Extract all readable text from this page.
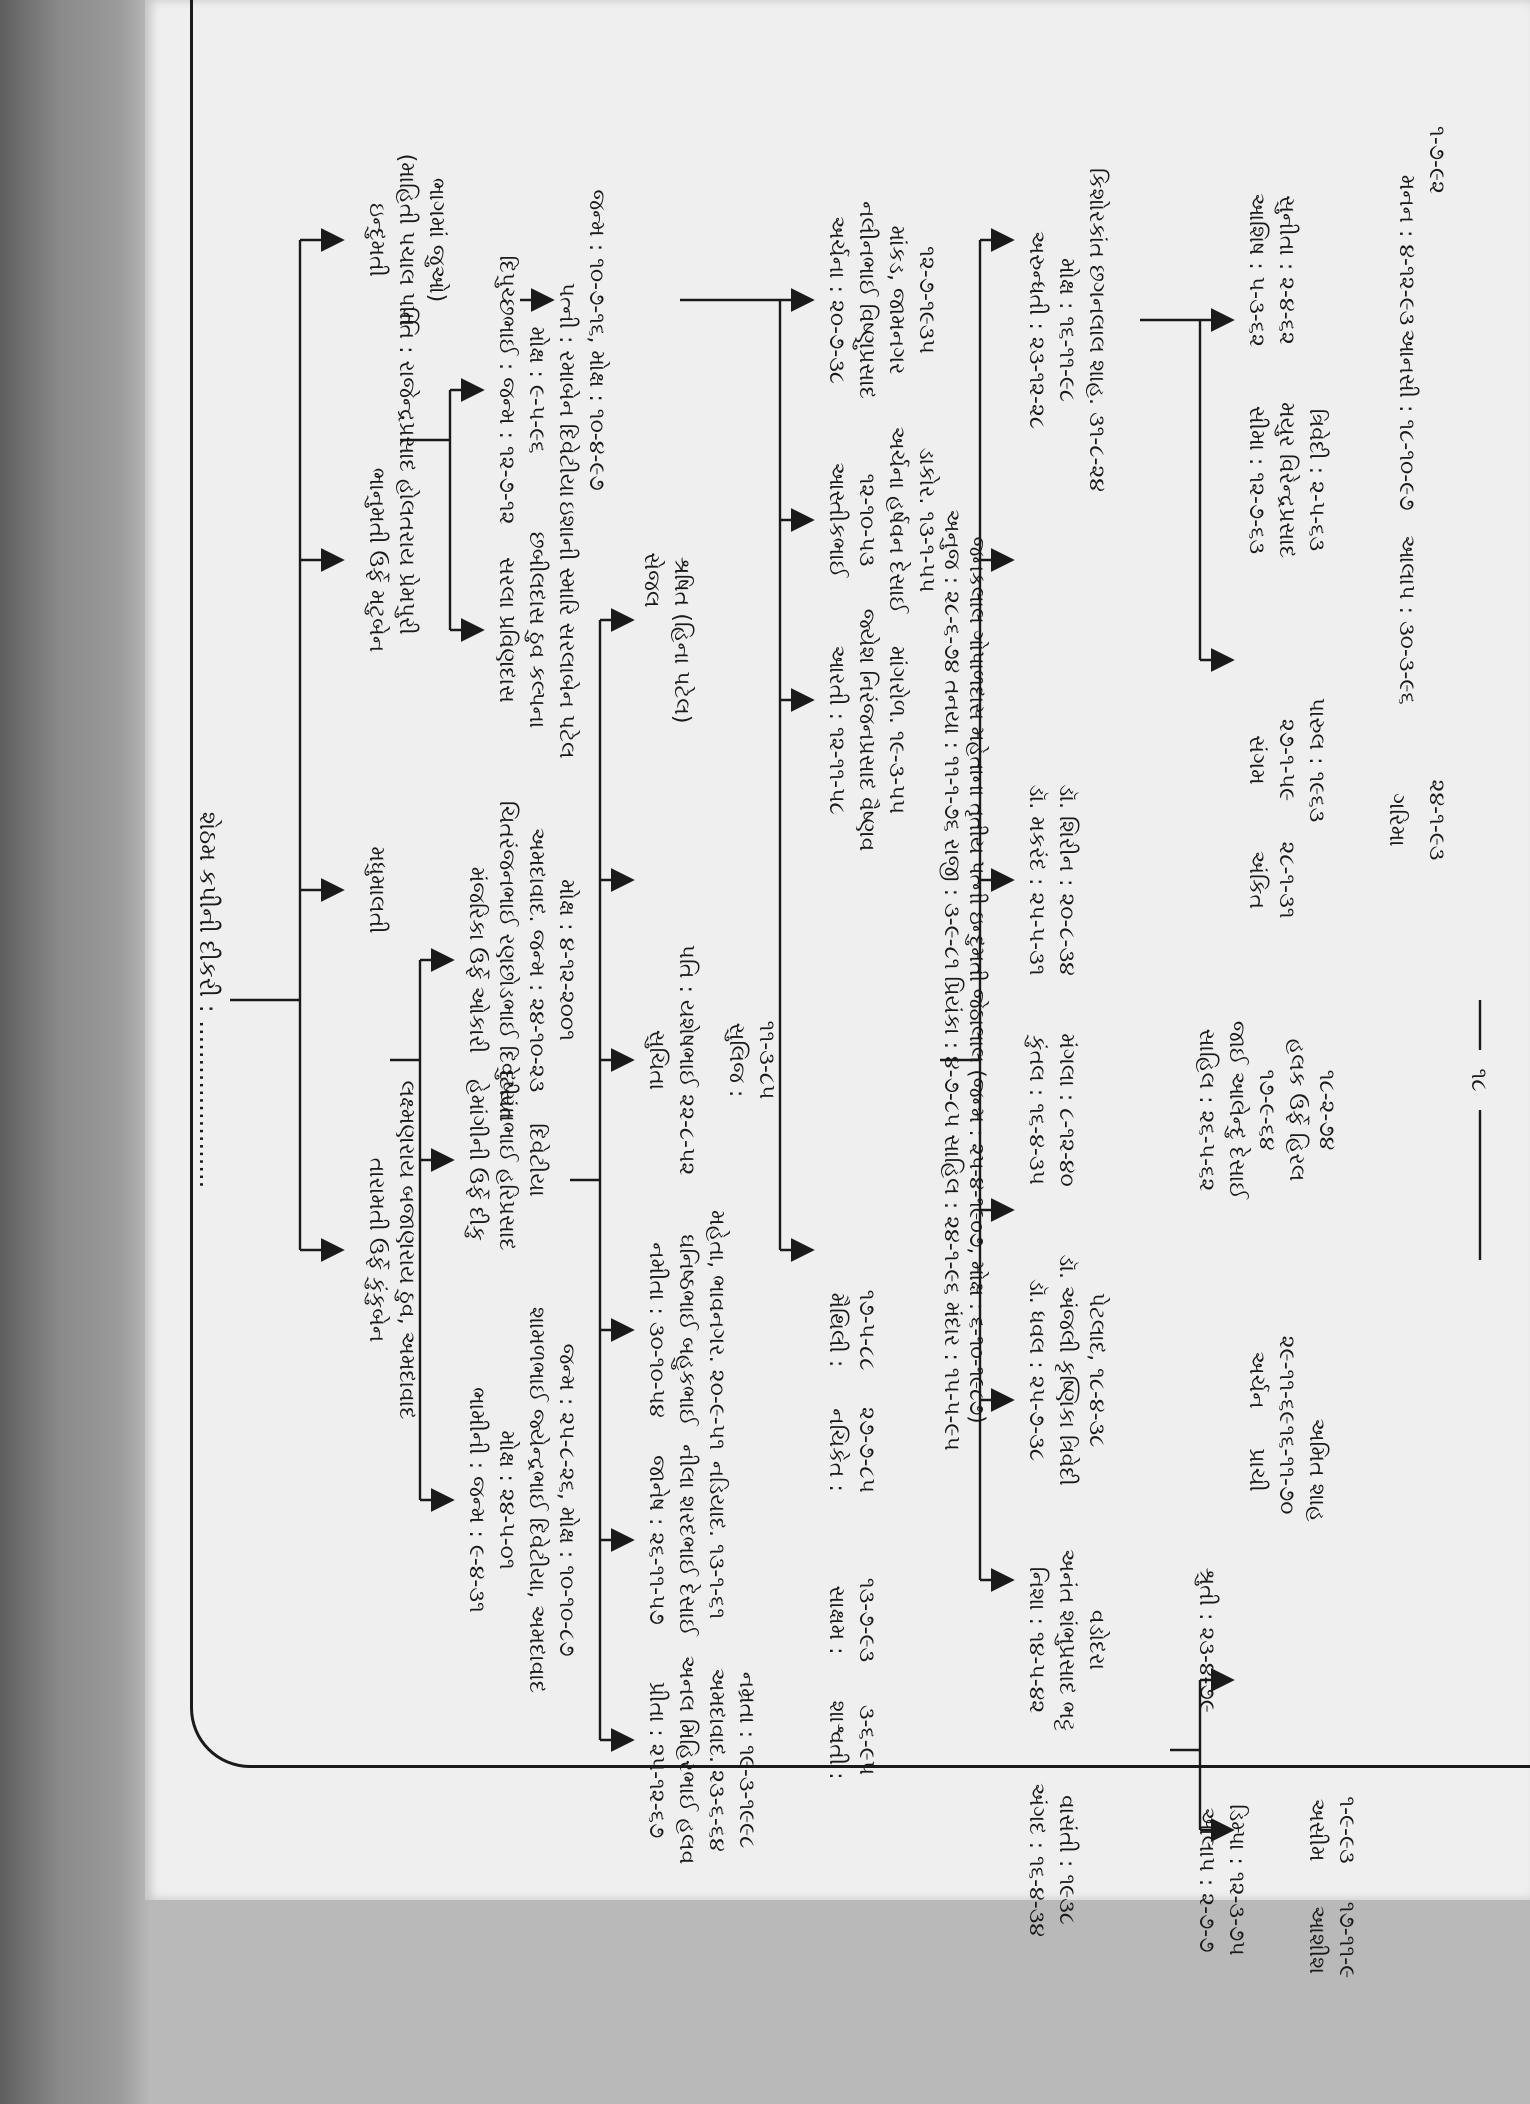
શેઠમ કપીની દીકરી : ......................
ઇન્દુમતી (માહિતી પચાલ પતિ ભાગમાં જુઓ)
ભાનુમતી ઉર્ફે મટુબેન પતિ : રાજેન્દ્રપ્રસાદ હોલતરાય પ્રેમપુરી
મધુમાલતી
તારામતી ઉર્ફે કુંકુબેન લક્ષ્મણરાય બજાણરાય ઠુવ, અમદાવાદ
દિપુચ્છભાઈ : જન્મ : ૧૨-૭-૧૨ મોક્ષ : ૯-૫-૯૬ પત્ની : રમાબેન દિવેટીયા
સરલા પ્રવિણદાસ છબીલદાસ ઠુવ કલ્પના ઇશાની સ્મારિ સરલાબેન પટેલ
મંજરિકા ઉર્ફે ઓકારી ચિતરંજનભાઈ રણછોડભાઈ દિવેટીયા અમદાવાદ. જન્મ : ૨૪-૧૦-૨૩ મોક્ષ : ૪-૧૨-૨૦૦૧
હેમાંગીની ઉર્ફે દીકુ દુષ્યંતભાઈ હરિપ્રસાદ દિવેટીયા
ભામીની : જન્મ : ૯-૪-૩૧ મોક્ષ : ૨૪-૫-૦૧ શામળભાઈ જ્યેન્દ્રભાઈ દિવેટીયા, અમદાવાદ જન્મ : ૨૫-૮-૨૬, મોક્ષ : ૧૦-૧૦-૮૭
જન્મ : ૧૦-૭-૧૬, મોક્ષ : ૧૦-૪-૯૭
સેજલ શ્રષિત (હિના પટેલ)
સુચિતા પતિ : યશેષભાઈ ૨૨-૮-૫૨ સુલિજ : ૧૧-૩-૮૫
નમીતા : ૩૦-૧૦-૫૪ ઘનિષ્ઠભાઈ બહુકભાઈ મહેતા, ભાવનગર. ૨૦-૯-૫૧
જાનેષ : ૨૬-૧૧-૫૭ નીલા શરદભાઈ દેસાઈ નડિયાદ. ૧૩-૧-૬૧
પ્રીતા : ૨૫-૧૨-૬૭ અનલ મિહિરભાઈ હલવ અમદાવાદ. ૨૩-૬-૬૪ નમ્રતા : ૧૯-૩-૧૯૯૮
અર્ચના : ૨૦-૭-૩૮ નલીનભાઈ વિષ્ણુપ્રસાદ માંકડ, જામનગર ૧૨-૭-૧૯૩૫
આસ્તીકભાઈ ૧૨-૧૦-૫૩ અર્ચના હર્ષવન દેસાઈ ડાકોર. ૧૩-૧-૫૫
આરતી : ૧૨-૧૧-૫૮ જ્યેશ નિરંજનપ્રસાદ વૈષ્ણવ માંગરોળ. ૧૯-૩-૫૫
મૈથિલી : ૧૭-૫-૮૮
નચિકેત : ૨૭-૭-૮૫
સાક્ષમ : ૧૩-૭-૯૩
શાશ્વતી : ૩-૬-૯૫
અનુજ : ૨૮-૬-૭૪ તનયા : ૧૧-૧-૭૬ રાજી : ૩-૯-૮૧ પ્રિયંકા : ૪-૭-૮૫ સાહિલ : ૨૪-૧-૯૬ મંદાર : ૧૫-૫-૯૫ જનકલાલ ગોપાળદાસ મહેતાના તૃતીય પત્ની ઇન્દુમતી જેઠાલાલ (જન્મ : ૨૫-૪-૧૯૦૭, મોક્ષ : ૬-૧૦-૧૯૮૭)
અરુન્ધતી : ૨૩-૧૨-૨૮ મોક્ષ : ૧૬-૧૧-૯૮ કિશોરકાંત છગનલાલ શાહ. ૩૧-૮-૨૪
ડૉ. મકરંદ : ૨૫-૫-૩૧ ડૉ. શિરીન : ૨૦-૮-૩૪
કુંતલ : ૧૬-૪-૩૫ મંગલા : ૮-૧૨-૪૦
ડૉ. ધવલ : ૨૫-૭-૩૮ ડૉ. અંજલી કૃષ્ણિકા ત્રિવેદી પેટલાદ, ૧૮-૪-૩૮
નિશા : ૧૪-૫-૪૨ અનંત શંભુપ્રસાદ ભટ્ટ વડોદરા
અંગદ : ૧૬-૪-૩૪ વાસંતી : ૧૯૩૮
આશિષ : ૫-૩-૬૨ સુનીતા : ૨-૪-૬૨
સીમા : ૧૨-૭-૬૩ મયુર વિરેન્દ્રપ્રસાદ ત્રિવેદી : ૨-૫-૬૩
સંગમ ૨૭-૧-૫૯ પારુલ : ૧૯૬૩
અંકિત ૨૮-૧-૩૧
સાહિલ : ૨૬-૫-૬૨ જાઈ આલેન્દુ દેસાઈ ૧૭-૯-૬૪ હલક ઉર્ફે હિરલ ૧૮-૨-૭૪
અર્ચન ૨૯-૧૧-૬૯
પ્રાચી ૧૬-૧૧-૭૦ અમિત શાહ
શ્રુતી : ૨૩-૪-૭૯
આલાપ : ૨-૭-૭ ડિમ્પા : ૧૨-૩-૭૫	અસીમ ૧-૯-૯૩
આશીશ ૧૭-૧૧-૯
મનન : ૪-૧૨-૯૩
૧-૭-૯૨
આનસી : ૧૮-૧૦-૯૭
આલાપ : ૩૦-૩-૯૬
૨૪-૧-૯૩
ગરિમા
૧૮
